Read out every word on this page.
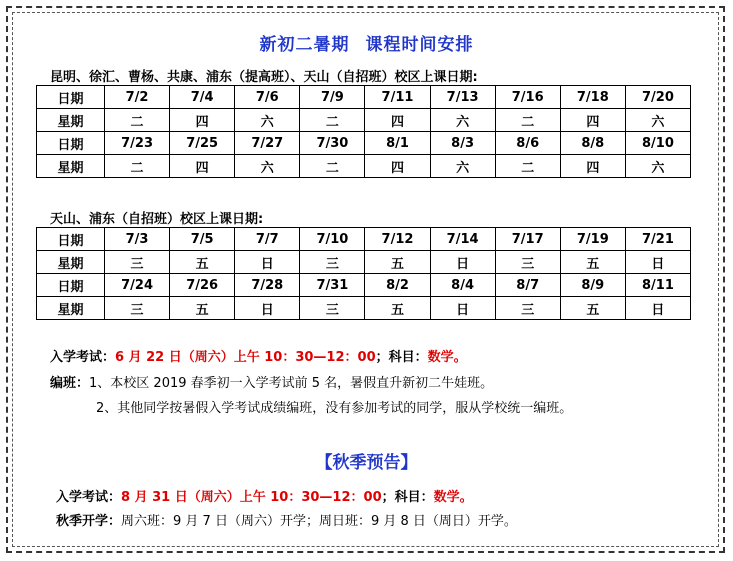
新初二暑期 课程时间安排
昆明、徐汇、曹杨、共康、浦东（提高班）、天山（自招班）校区上课日期:
日期	7/2	7/4	7/6	7/9	7/11	7/13	7/16	7/18	7/20
星期	二	四	六	二	四	六	二	四	六
日期	7/23	7/25	7/27	7/30	8/1	8/3	8/6	8/8	8/10
星期	二	四	六	二	四	六	二	四	六
天山、浦东（自招班）校区上课日期:
日期	7/3	7/5	7/7	7/10	7/12	7/14	7/17	7/19	7/21
星期	三	五	日	三	五	日	三	五	日
日期	7/24	7/26	7/28	7/31	8/2	8/4	8/7	8/9	8/11
星期	三	五	日	三	五	日	三	五	日
入学考试：6 月 22 日（周六）上午 10：30—12：00；科目：数学。
编班：1、本校区 2019 春季初一入学考试前 5 名，暑假直升新初二牛娃班。
2、其他同学按暑假入学考试成绩编班，没有参加考试的同学，服从学校统一编班。
【秋季预告】
入学考试：8 月 31 日（周六）上午 10：30—12：00；科目：数学。
秋季开学：周六班：9 月 7 日（周六）开学；周日班：9 月 8 日（周日）开学。
